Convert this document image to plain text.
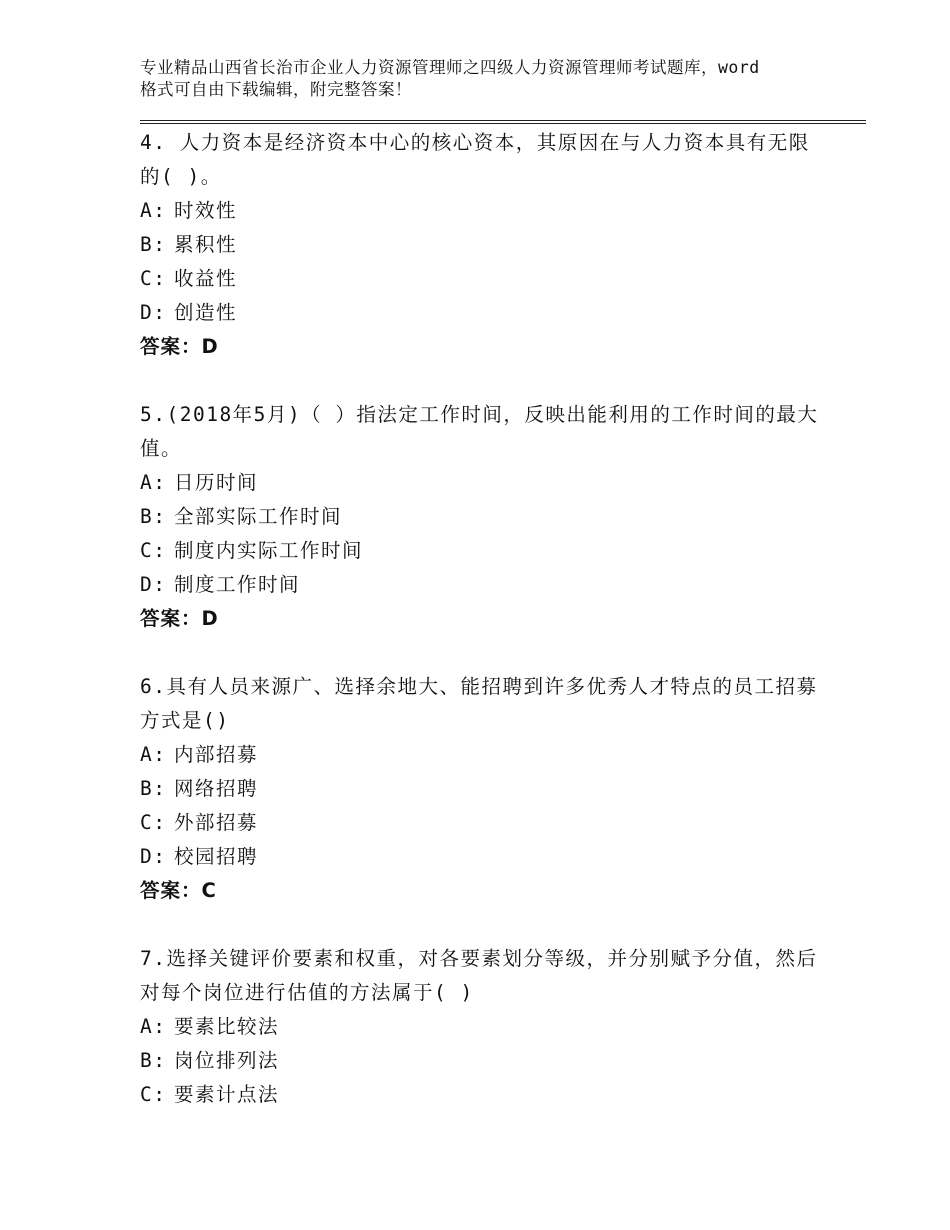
专业精品山西省长治市企业人力资源管理师之四级人力资源管理师考试题库，word
格式可自由下载编辑，附完整答案！
4. 人力资本是经济资本中心的核心资本，其原因在与人力资本具有无限的( )。
A: 时效性
B: 累积性
C: 收益性
D: 创造性
答案：D
5.(2018年5月)（ ）指法定工作时间，反映出能利用的工作时间的最大值。
A: 日历时间
B: 全部实际工作时间
C: 制度内实际工作时间
D: 制度工作时间
答案：D
6.具有人员来源广、选择余地大、能招聘到许多优秀人才特点的员工招募方式是()
A: 内部招募
B: 网络招聘
C: 外部招募
D: 校园招聘
答案：C
7.选择关键评价要素和权重，对各要素划分等级，并分别赋予分值，然后对每个岗位进行估值的方法属于( )
A: 要素比较法
B: 岗位排列法
C: 要素计点法
